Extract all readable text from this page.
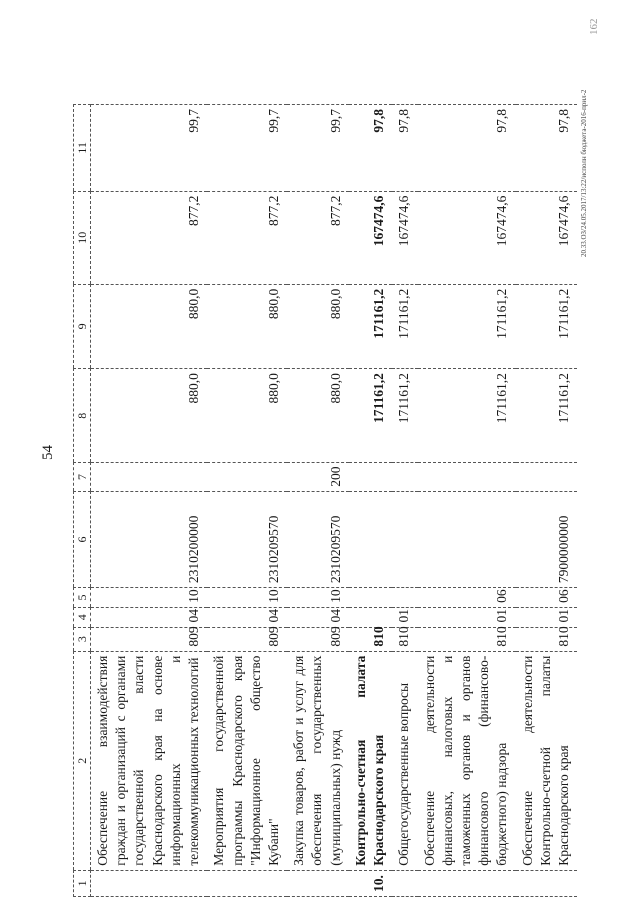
54
1	2	3	4	5	6	7	8	9	10	11
	Обеспечение взаимодействия граждан и организаций с органами государственной власти Краснодарского края на основе информационных и телекоммуникационных технологий	809	04	10	2310200000		880,0	880,0	877,2	99,7
	Мероприятия государственной программы Краснодарского края "Информационное общество Кубани"	809	04	10	2310209570		880,0	880,0	877,2	99,7
	Закупка товаров, работ и услуг для обеспечения государственных (муниципальных) нужд	809	04	10	2310209570	200	880,0	880,0	877,2	99,7
10.	Контрольно-счетная палата Краснодарского края	810					171161,2	171161,2	167474,6	97,8
	Общегосударственные вопросы	810	01				171161,2	171161,2	167474,6	97,8
	Обеспечение деятельности финансовых, налоговых и таможенных органов и органов финансового (финансово-бюджетного) надзора	810	01	06			171161,2	171161,2	167474,6	97,8
	Обеспечение деятельности Контрольно-счетной палаты Краснодарского края	810	01	06	7900000000		171161,2	171161,2	167474,6	97,8 20.33.ОЗ/24.05.2017/13:22/исполн бюджета-2016-прил-2
162
